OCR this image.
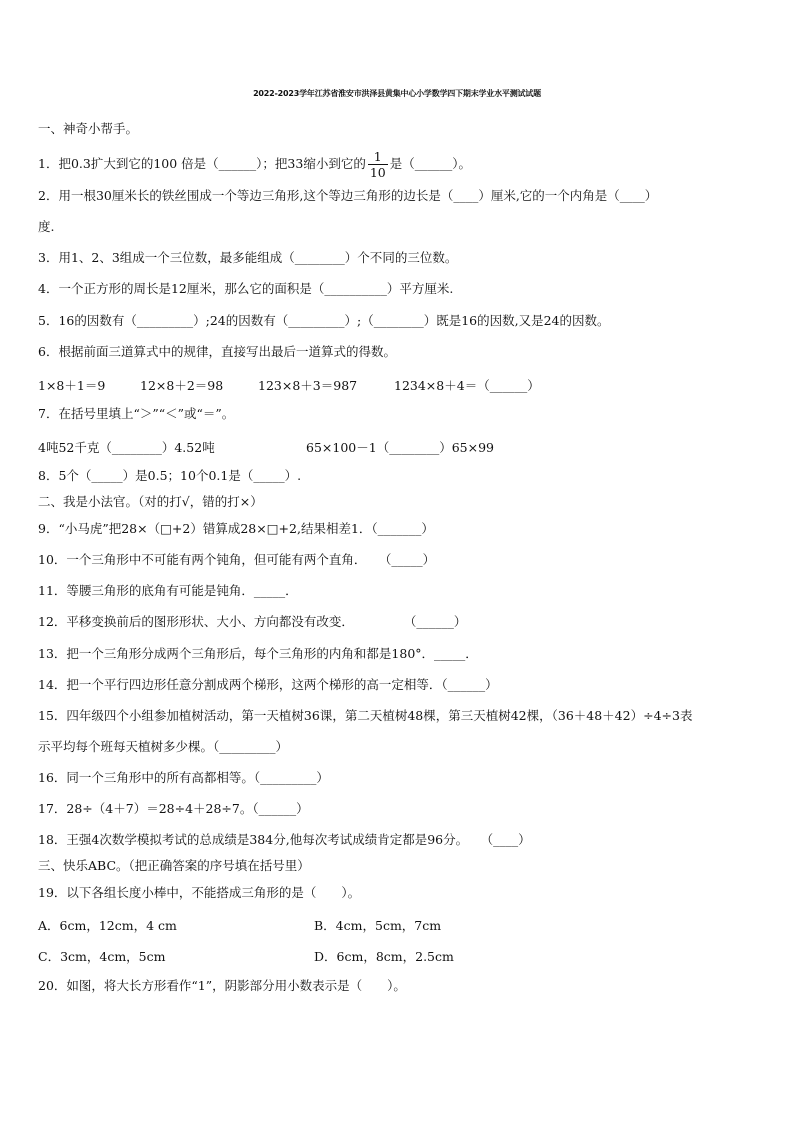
2022-2023学年江苏省淮安市洪泽县黄集中心小学数学四下期末学业水平测试试题
一、神奇小帮手。
1．把0.3扩大到它的100 倍是（______）；把33缩小到它的 $\frac{1}{10}$ 是（______）。
2．用一根30厘米长的铁丝围成一个等边三角形,这个等边三角形的边长是（____）厘米,它的一个内角是（____）
度.
3．用1、2、3组成一个三位数，最多能组成（________）个不同的三位数。
4．一个正方形的周长是12厘米，那么它的面积是（__________）平方厘米.
5．16的因数有（_________）;24的因数有（_________）;（________）既是16的因数,又是24的因数。
6．根据前面三道算式中的规律，直接写出最后一道算式的得数。
1×8＋1＝9	12×8＋2＝98	123×8＋3＝987	1234×8＋4＝（______）
7．在括号里填上“＞”“＜”或“＝”。
4吨52千克（________）4.52吨	65×100－1（________）65×99
8．5个（_____）是0.5；10个0.1是（_____）.
二、我是小法官。（对的打√，错的打×）
9．“小马虎”把28×（□+2）错算成28×□+2,结果相差1．（_______）
10．一个三角形中不可能有两个钝角，但可能有两个直角．　　（_____）
11．等腰三角形的底角有可能是钝角．_____．
12．平移变换前后的图形形状、大小、方向都没有改变．　　　　　（______）
13．把一个三角形分成两个三角形后，每个三角形的内角和都是180°．_____．
14．把一个平行四边形任意分割成两个梯形，这两个梯形的高一定相等．（______）
15．四年级四个小组参加植树活动，第一天植树36课，第二天植树48棵，第三天植树42棵，（36＋48＋42）÷4÷3表
示平均每个班每天植树多少棵。（_________）
16．同一个三角形中的所有高都相等。（_________）
17．28÷（4＋7）＝28÷4＋28÷7。（______）
18．王强4次数学模拟考试的总成绩是384分,他每次考试成绩肯定都是96分。　　（____）
三、快乐ABC。（把正确答案的序号填在括号里）
19．以下各组长度小棒中，不能搭成三角形的是（　　）。
A．6cm，12cm，4 cm	B．4cm，5cm，7cm
C．3cm，4cm，5cm	D．6cm，8cm，2.5cm
20．如图，将大长方形看作“1”，阴影部分用小数表示是（　　）。
